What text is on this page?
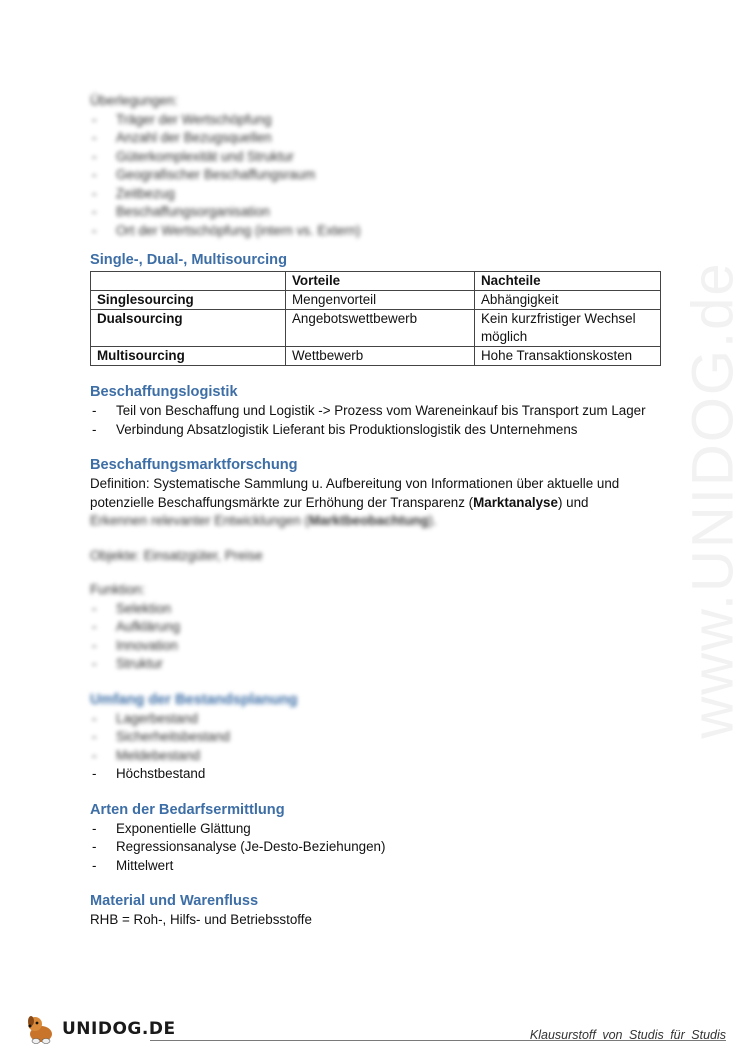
www.UNIDOG.de

Überlegungen:

- Träger der Wertschöpfung
- Anzahl der Bezugsquellen
- Güterkomplexität und Struktur
- Geografischer Beschaffungsraum
- Zeitbezug
- Beschaffungsorganisation
- Ort der Wertschöpfung (intern vs. Extern)
Single-, Dual-, Multisourcing
	Vorteile	Nachteile
Singlesourcing	Mengenvorteil	Abhängigkeit
Dualsourcing	Angebotswettbewerb	Kein kurzfristiger Wechsel möglich
Multisourcing	Wettbewerb	Hohe Transaktionskosten
Beschaffungslogistik
- Teil von Beschaffung und Logistik -> Prozess vom Wareneinkauf bis Transport zum Lager
- Verbindung Absatzlogistik Lieferant bis Produktionslogistik des Unternehmens
Beschaffungsmarktforschung

Definition: Systematische Sammlung u. Aufbereitung von Informationen über aktuelle und potenzielle Beschaffungsmärkte zur Erhöhung der Transparenz (Marktanalyse) und

Erkennen relevanter Entwicklungen (Marktbeobachtung).

Objekte: Einsatzgüter, Preise

Funktion:

- Selektion
- Aufklärung
- Innovation
- Struktur
Umfang der Bestandsplanung
- Lagerbestand
- Sicherheitsbestand
- Meldebestand
- Höchstbestand
Arten der Bedarfsermittlung
- Exponentielle Glättung
- Regressionsanalyse (Je-Desto-Beziehungen)
- Mittelwert
Material und Warenfluss

RHB = Roh-, Hilfs- und Betriebsstoffe

UNIDOG.DE	Klausurstoff von Studis für Studis
